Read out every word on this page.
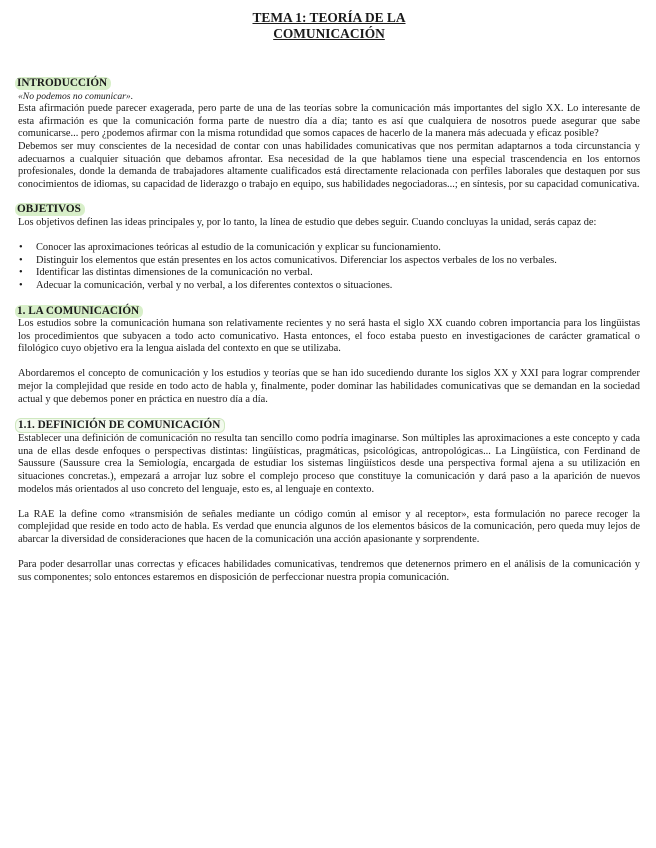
TEMA 1: TEORÍA DE LA
COMUNICACIÓN
INTRODUCCIÓN

«No podemos no comunicar».

Esta afirmación puede parecer exagerada, pero parte de una de las teorías sobre la comunicación más importantes del siglo XX. Lo interesante de esta afirmación es que la comunicación forma parte de nuestro día a día; tanto es así que cualquiera de nosotros puede asegurar que sabe comunicarse... pero ¿podemos afirmar con la misma rotundidad que somos capaces de hacerlo de la manera más adecuada y eficaz posible?

Debemos ser muy conscientes de la necesidad de contar con unas habilidades comunicativas que nos permitan adaptarnos a toda circunstancia y adecuarnos a cualquier situación que debamos afrontar. Esa necesidad de la que hablamos tiene una especial trascendencia en los entornos profesionales, donde la demanda de trabajadores altamente cualificados está directamente relacionada con perfiles laborales que destaquen por sus conocimientos de idiomas, su capacidad de liderazgo o trabajo en equipo, sus habilidades negociadoras...; en síntesis, por su capacidad comunicativa.

OBJETIVOS

Los objetivos definen las ideas principales y, por lo tanto, la línea de estudio que debes seguir. Cuando concluyas la unidad, serás capaz de:

• Conocer las aproximaciones teóricas al estudio de la comunicación y explicar su funcionamiento.
• Distinguir los elementos que están presentes en los actos comunicativos. Diferenciar los aspectos verbales de los no verbales.
• Identificar las distintas dimensiones de la comunicación no verbal.
• Adecuar la comunicación, verbal y no verbal, a los diferentes contextos o situaciones.
1. LA COMUNICACIÓN

Los estudios sobre la comunicación humana son relativamente recientes y no será hasta el siglo XX cuando cobren importancia para los lingüistas los procedimientos que subyacen a todo acto comunicativo. Hasta entonces, el foco estaba puesto en investigaciones de carácter gramatical o filológico cuyo objetivo era la lengua aislada del contexto en que se utilizaba.

Abordaremos el concepto de comunicación y los estudios y teorías que se han ido sucediendo durante los siglos XX y XXI para lograr comprender mejor la complejidad que reside en todo acto de habla y, finalmente, poder dominar las habilidades comunicativas que se demandan en la sociedad actual y que debemos poner en práctica en nuestro día a día.

1.1. DEFINICIÓN DE COMUNICACIÓN

Establecer una definición de comunicación no resulta tan sencillo como podría imaginarse. Son múltiples las aproximaciones a este concepto y cada una de ellas desde enfoques o perspectivas distintas: lingüísticas, pragmáticas, psicológicas, antropológicas... La Lingüística, con Ferdinand de Saussure (Saussure crea la Semiología, encargada de estudiar los sistemas lingüísticos desde una perspectiva formal ajena a su utilización en situaciones concretas.), empezará a arrojar luz sobre el complejo proceso que constituye la comunicación y dará paso a la aparición de nuevos modelos más orientados al uso concreto del lenguaje, esto es, al lenguaje en contexto.

La RAE la define como «transmisión de señales mediante un código común al emisor y al receptor», esta formulación no parece recoger la complejidad que reside en todo acto de habla. Es verdad que enuncia algunos de los elementos básicos de la comunicación, pero queda muy lejos de abarcar la diversidad de consideraciones que hacen de la comunicación una acción apasionante y sorprendente.

Para poder desarrollar unas correctas y eficaces habilidades comunicativas, tendremos que detenernos primero en el análisis de la comunicación y sus componentes; solo entonces estaremos en disposición de perfeccionar nuestra propia comunicación.
